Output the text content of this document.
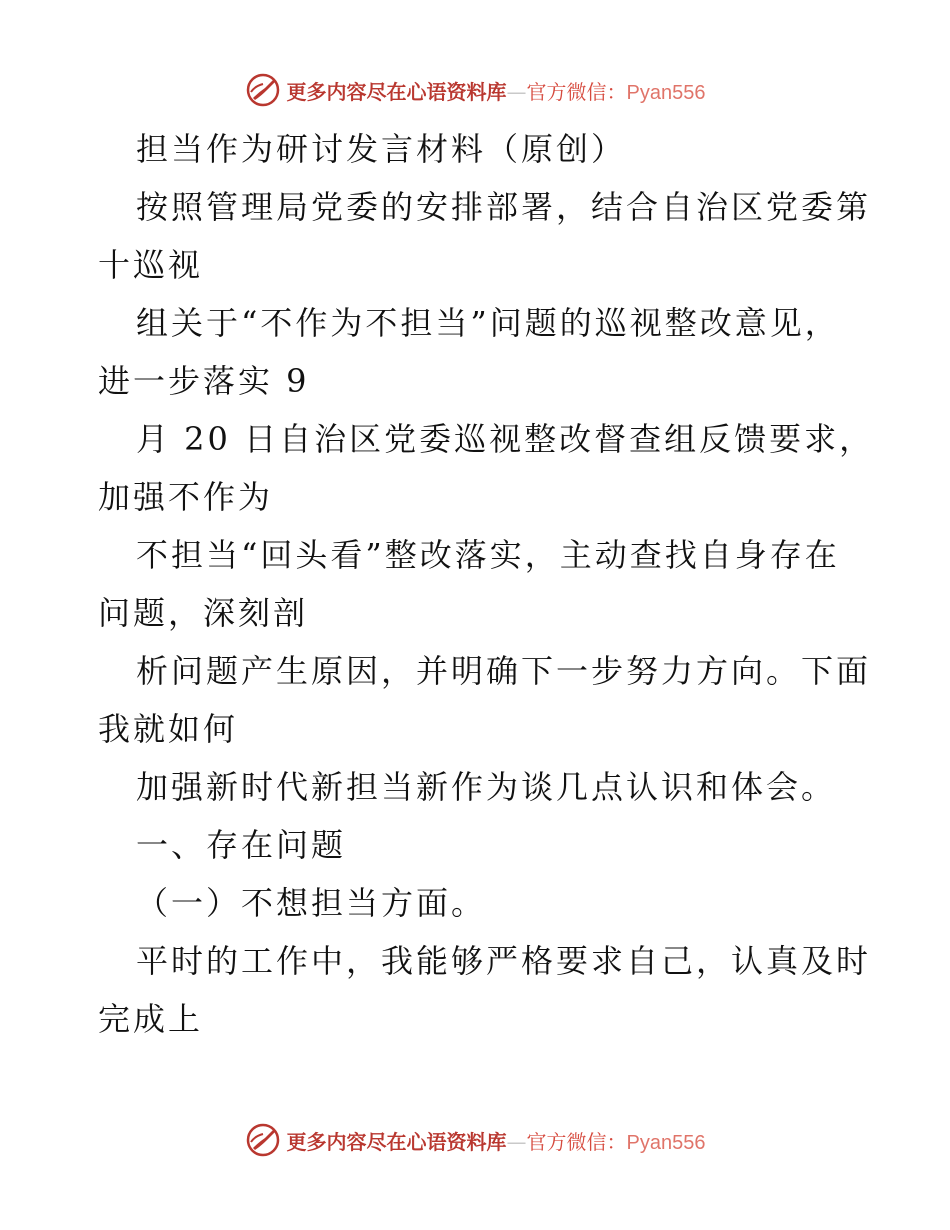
更多内容尽在心语资料库—官方微信：Pyan556
担当作为研讨发言材料（原创）
按照管理局党委的安排部署，结合自治区党委第
十巡视
组关于“不作为不担当”问题的巡视整改意见，
进一步落实 9
月 20 日自治区党委巡视整改督查组反馈要求，
加强不作为
不担当“回头看”整改落实，主动查找自身存在
问题，深刻剖
析问题产生原因，并明确下一步努力方向。下面
我就如何
加强新时代新担当新作为谈几点认识和体会。
一、存在问题
（一）不想担当方面。
平时的工作中，我能够严格要求自己，认真及时
完成上
更多内容尽在心语资料库—官方微信：Pyan556
